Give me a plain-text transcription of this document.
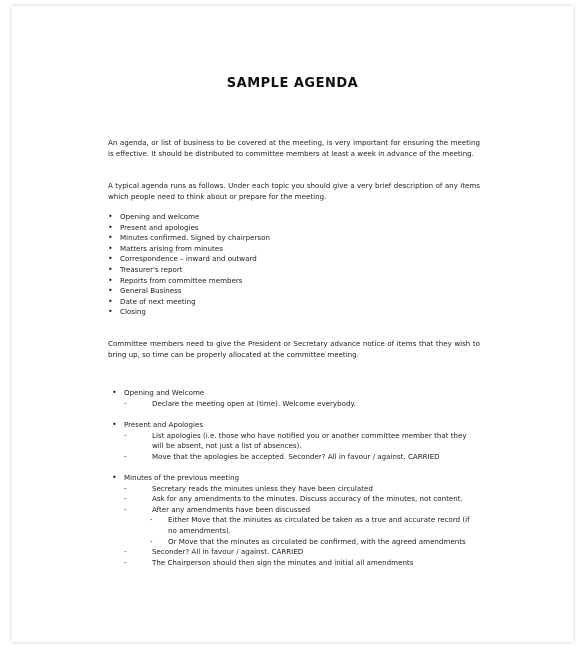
SAMPLE AGENDA
An agenda, or list of business to be covered at the meeting, is very important for ensuring the meeting is effective. It should be distributed to committee members at least a week in advance of the meeting.
A typical agenda runs as follows. Under each topic you should give a very brief description of any items which people need to think about or prepare for the meeting.
• Opening and welcome
• Present and apologies
• Minutes confirmed. Signed by chairperson
• Matters arising from minutes
• Correspondence – inward and outward
• Treasurer's report
• Reports from committee members
• General Business
• Date of next meeting
• Closing
Committee members need to give the President or Secretary advance notice of items that they wish to bring up, so time can be properly allocated at the committee meeting.
• Opening and Welcome
-	Declare the meeting open at (time). Welcome everybody.
• Present and Apologies
-	List apologies (i.e. those who have notified you or another committee member that they
will be absent, not just a list of absences).
-	Move that the apologies be accepted. Seconder? All in favour / against. CARRIED
• Minutes of the previous meeting
-	Secretary reads the minutes unless they have been circulated
-	Ask for any amendments to the minutes. Discuss accuracy of the minutes, not content.
-	After any amendments have been discussed
- Either Move that the minutes as circulated be taken as a true and accurate record (if
no amendments).
- Or Move that the minutes as circulated be confirmed, with the agreed amendments
-	Seconder? All in favour / against. CARRIED
-	The Chairperson should then sign the minutes and initial all amendments
